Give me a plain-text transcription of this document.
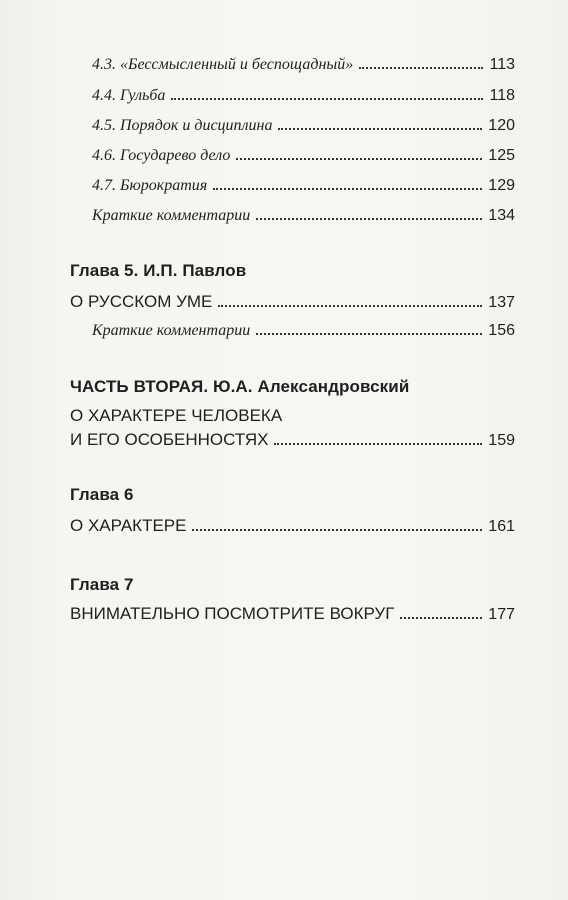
4.3. «Бессмысленный и беспощадный»	113
4.4. Гульба	118
4.5. Порядок и дисциплина	120
4.6. Государево дело	125
4.7. Бюрократия	129
Краткие комментарии	134
Глава 5. И.П. Павлов
О РУССКОМ УМЕ	137
Краткие комментарии	156
ЧАСТЬ ВТОРАЯ. Ю.А. Александровский
О ХАРАКТЕРЕ ЧЕЛОВЕКА
И ЕГО ОСОБЕННОСТЯХ	159
Глава 6
О ХАРАКТЕРЕ	161
Глава 7
ВНИМАТЕЛЬНО ПОСМОТРИТЕ ВОКРУГ	177
